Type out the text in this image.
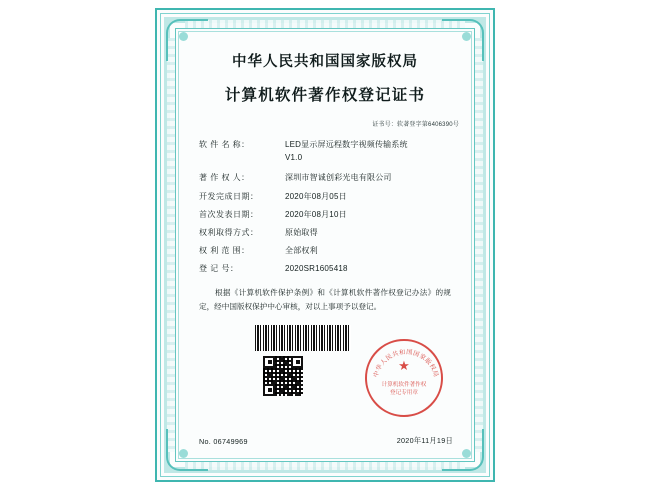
中华人民共和国国家版权局
计算机软件著作权登记证书
证书号：软著登字第6406390号
软 件 名 称：	LED显示屏远程数字视频传输系统
V1.0
著 作 权 人：	深圳市智诚创彩光电有限公司
开发完成日期：	2020年08月05日
首次发表日期：	2020年08月10日
权利取得方式：	原始取得
权 利 范 围：	全部权利
登 记 号：	2020SR1605418
根据《计算机软件保护条例》和《计算机软件著作权登记办法》的规定，经中国版权保护中心审核，对以上事项予以登记。
中华人民共和国国家版权局
★
计算机软件著作权
登记专用章
No. 06749969	2020年11月19日
